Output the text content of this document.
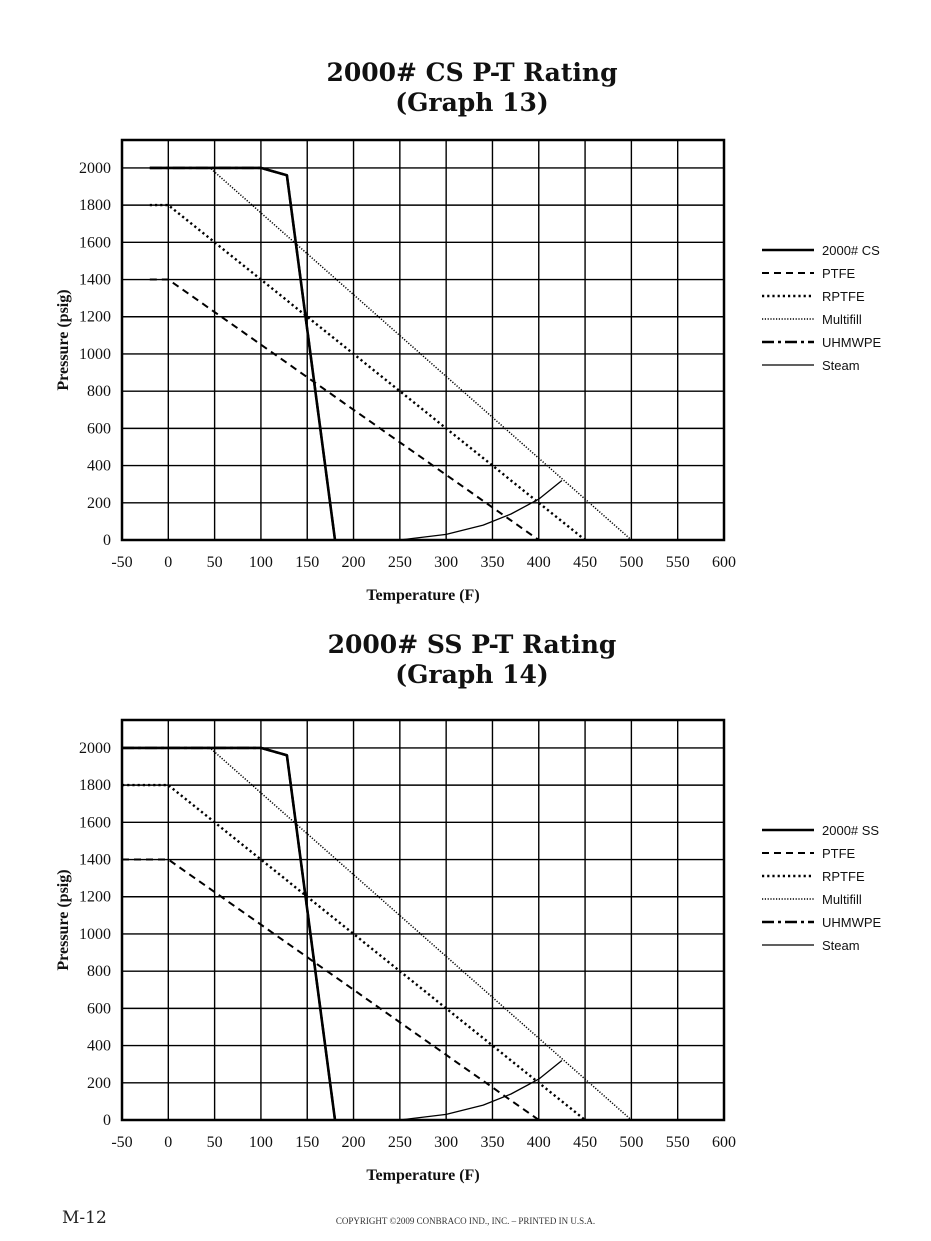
2000# CS P-T Rating
(Graph 13)
-50 0 50 100 150 200 250 300 350 400 450 500 550 600
0
200
400
600
800
1000
1200
1400
1600
1800
2000
Temperature (F)
Pressure (psig)
2000# CS
PTFE
RPTFE
Multifill
UHMWPE
Steam
2000# SS P-T Rating
(Graph 14)
-50 0 50 100 150 200 250 300 350 400 450 500 550 600
0
200
400
600
800
1000
1200
1400
1600
1800
2000
Temperature (F)
Pressure (psig)
2000# SS
PTFE
RPTFE
Multifill
UHMWPE
Steam
M-12	COPYRIGHT ©2009 CONBRACO IND., INC. – PRINTED IN U.S.A.
